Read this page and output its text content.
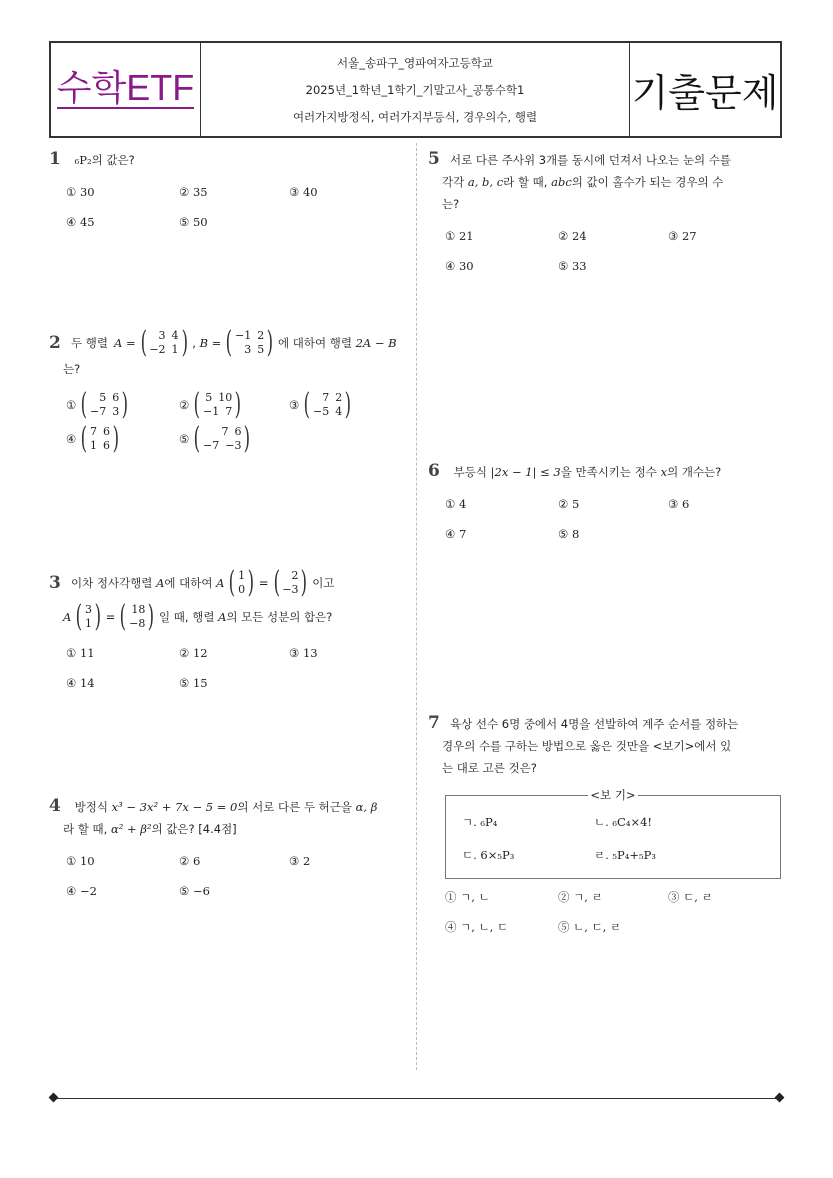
수학ETF
서울_송파구_영파여자고등학교
2025년_1학년_1학기_기말고사_공통수학1
여러가지방정식, 여러가지부등식, 경우의수, 행렬
기출문제
1 ₆P₂의 값은?
① 30	② 35	③ 40
④ 45	⑤ 50
2 두 행렬 A = ( 3 4
−2 1 ) , B = ( −1 2
3 5 ) 에 대하여 행렬
2A − B
는?
① ( 5 6
−7 3 )	② ( 5 10
−1 7 )	③ ( 7 2
−5 4 )
④ ( 7 6
1 6 )	⑤ ( 7 6
−7 −3 )
3 이차 정사각행렬
A 에 대하여
A ( 1
0 ) = ( 2
−3 ) 이고
A ( 3
1 ) = ( 18
−8 ) 일 때, 행렬
A 의 모든 성분의 합은?
① 11	② 12	③ 13
④ 14	⑤ 15
4 방정식 x³ − 3x² + 7x − 5 = 0의 서로 다른 두 허근을 α, β
라 할 때, α² + β²의 값은? [4.4점]
① 10	② 6	③ 2
④ −2	⑤ −6
5 서로 다른 주사위 3개를 동시에 던져서 나오는 눈의 수를
각각 a, b, c라 할 때, abc의 값이 홀수가 되는 경우의 수
는?
① 21	② 24	③ 27
④ 30	⑤ 33
6 부등식 |2x − 1| ≤ 3을 만족시키는 정수 x의 개수는?
① 4	② 5	③ 6
④ 7	⑤ 8
7 육상 선수 6명 중에서 4명을 선발하여 계주 순서를 정하는
경우의 수를 구하는 방법으로 옳은 것만을 <보기>에서 있
는 대로 고른 것은?
<보 기>
ㄱ. ₆P₄	ㄴ. ₆C₄×4!
ㄷ. 6×₅P₃	ㄹ. ₅P₄+₅P₃
① ㄱ, ㄴ	② ㄱ, ㄹ	③ ㄷ, ㄹ
④ ㄱ, ㄴ, ㄷ	⑤ ㄴ, ㄷ, ㄹ
